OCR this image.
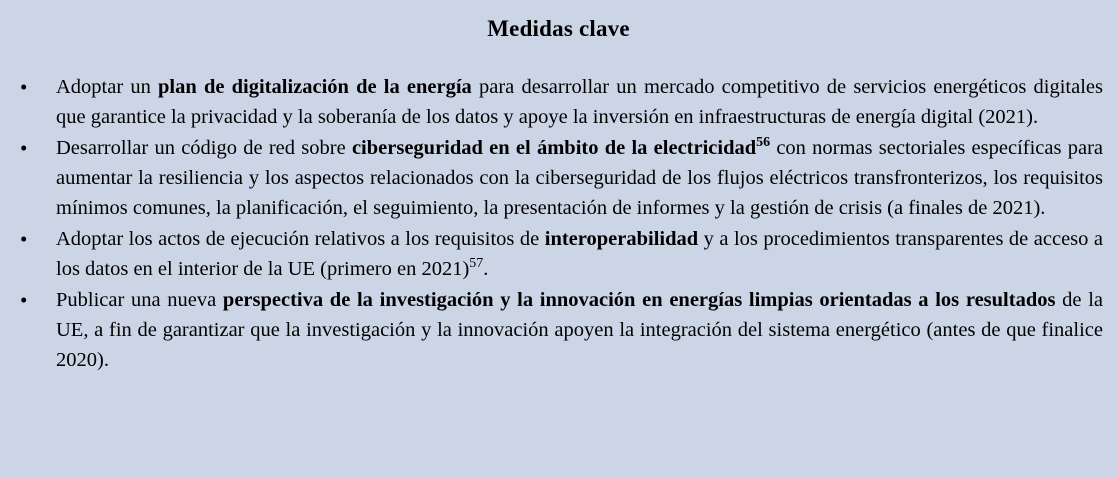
Medidas clave
•	Adoptar un plan de digitalización de la energía para desarrollar un mercado competitivo de servicios energéticos digitales que garantice la privacidad y la soberanía de los datos y apoye la inversión en infraestructuras de energía digital (2021).
•	Desarrollar un código de red sobre ciberseguridad en el ámbito de la electricidad$^{56}$ con normas sectoriales específicas para aumentar la resiliencia y los aspectos relacionados con la ciberseguridad de los flujos eléctricos transfronterizos, los requisitos mínimos comunes, la planificación, el seguimiento, la presentación de informes y la gestión de crisis (a finales de 2021).
•	Adoptar los actos de ejecución relativos a los requisitos de interoperabilidad y a los procedimientos transparentes de acceso a los datos en el interior de la UE (primero en 2021)$^{57}$.
•	Publicar una nueva perspectiva de la investigación y la innovación en energías limpias orientadas a los resultados de la UE, a fin de garantizar que la investigación y la innovación apoyen la integración del sistema energético (antes de que finalice 2020).
